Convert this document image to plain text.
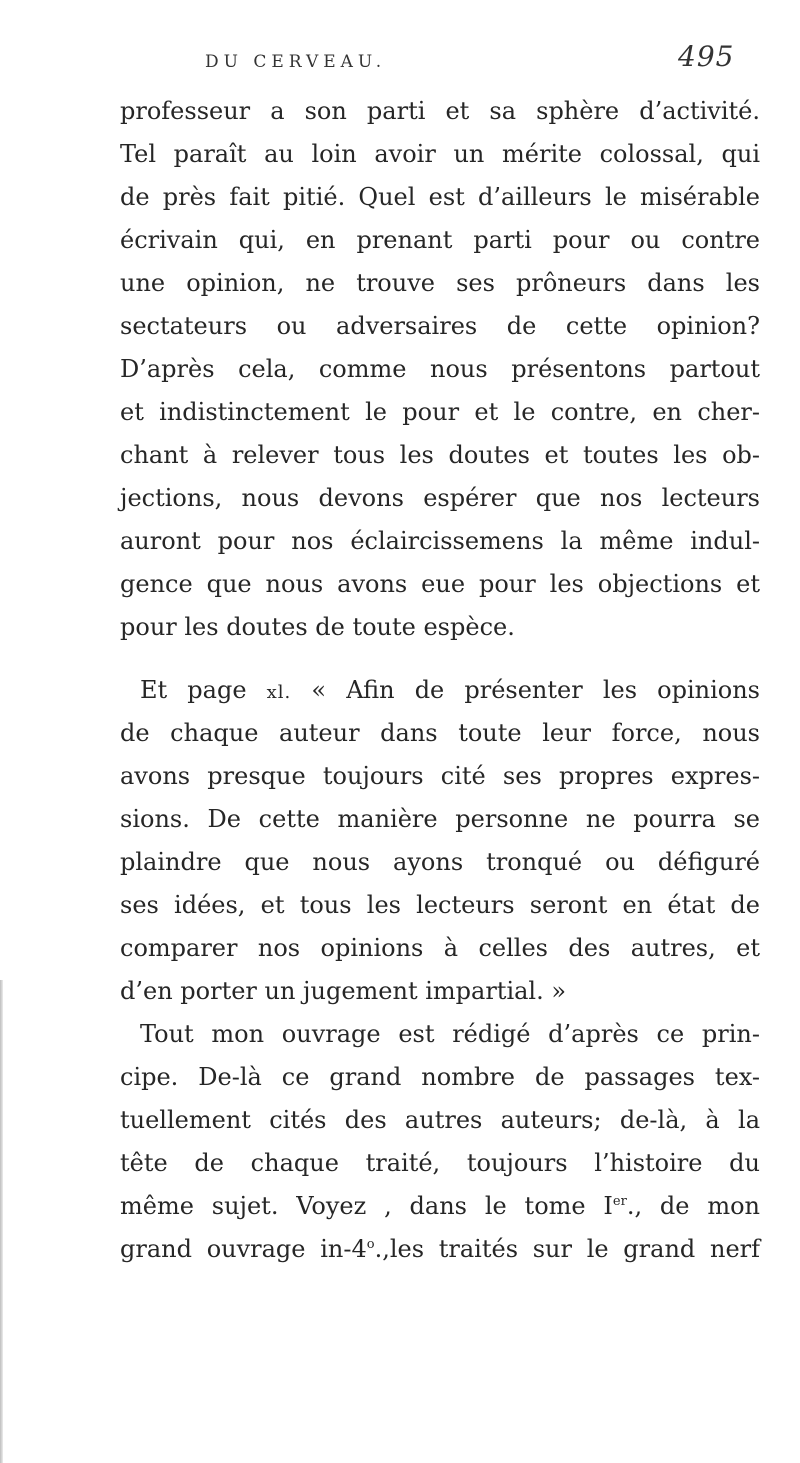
DU CERVEAU.	495
professeur a son parti et sa sphère d’activité.
Tel paraît au loin avoir un mérite colossal, qui
de près fait pitié. Quel est d’ailleurs le misérable
écrivain qui, en prenant parti pour ou contre
une opinion, ne trouve ses prôneurs dans les
sectateurs ou adversaires de cette opinion?
D’après cela, comme nous présentons partout
et indistinctement le pour et le contre, en cher-
chant à relever tous les doutes et toutes les ob-
jections, nous devons espérer que nos lecteurs
auront pour nos éclaircissemens la même indul-
gence que nous avons eue pour les objections et
pour les doutes de toute espèce.
Et page xl. « Afin de présenter les opinions
de chaque auteur dans toute leur force, nous
avons presque toujours cité ses propres expres-
sions. De cette manière personne ne pourra se
plaindre que nous ayons tronqué ou défiguré
ses idées, et tous les lecteurs seront en état de
comparer nos opinions à celles des autres, et
d’en porter un jugement impartial. »
Tout mon ouvrage est rédigé d’après ce prin-
cipe. De-là ce grand nombre de passages tex-
tuellement cités des autres auteurs; de-là, à la
tête de chaque traité, toujours l’histoire du
même sujet. Voyez , dans le tome Ier., de mon
grand ouvrage in-4$^o$.,les traités sur le grand nerf
